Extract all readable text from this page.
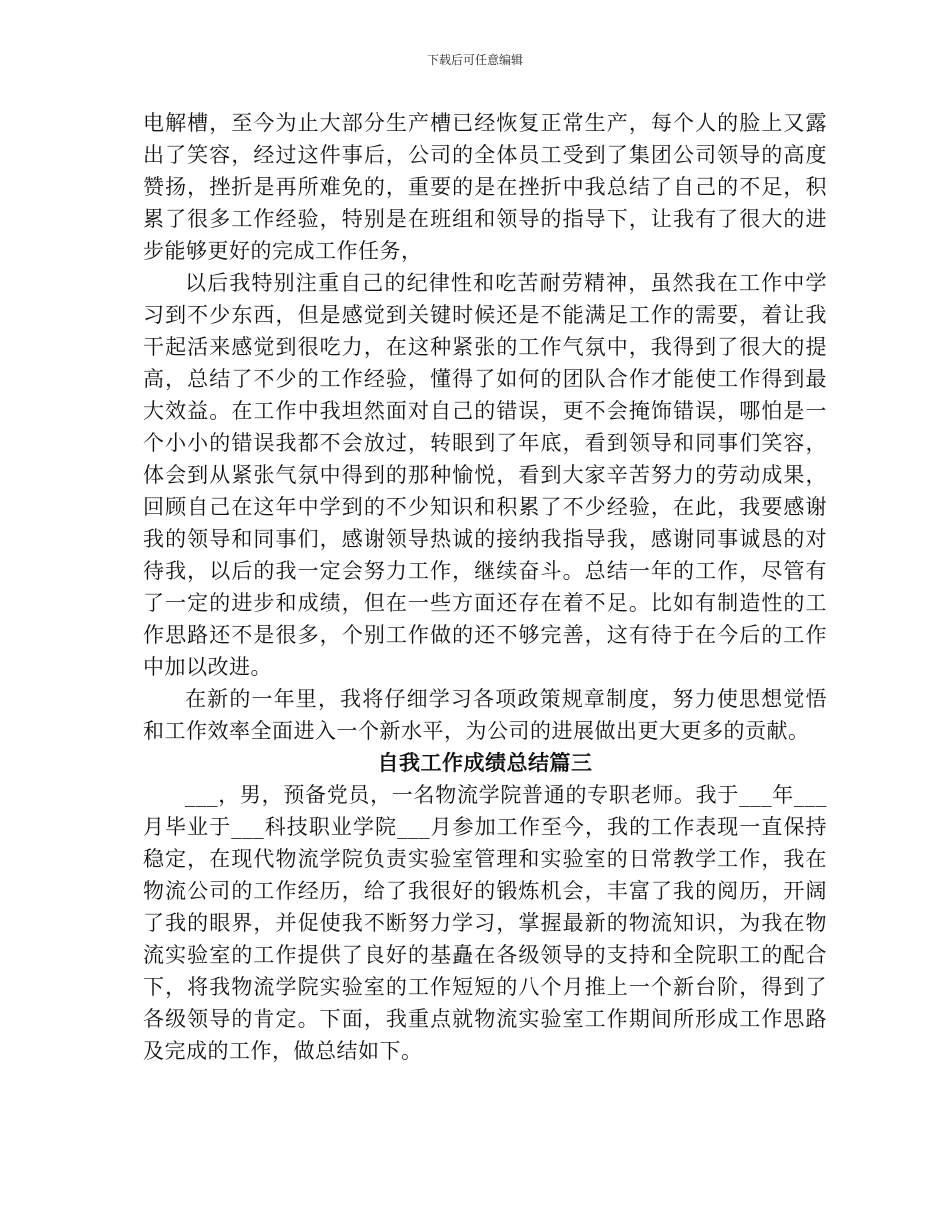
下载后可任意编辑

电解槽，至今为止大部分生产槽已经恢复正常生产，每个人的脸上又露出了笑容，经过这件事后，公司的全体员工受到了集团公司领导的高度赞扬，挫折是再所难免的，重要的是在挫折中我总结了自己的不足，积累了很多工作经验，特别是在班组和领导的指导下，让我有了很大的进步能够更好的完成工作任务，

以后我特别注重自己的纪律性和吃苦耐劳精神，虽然我在工作中学习到不少东西，但是感觉到关键时候还是不能满足工作的需要，着让我干起活来感觉到很吃力，在这种紧张的工作气氛中，我得到了很大的提高，总结了不少的工作经验，懂得了如何的团队合作才能使工作得到最大效益。在工作中我坦然面对自己的错误，更不会掩饰错误，哪怕是一个小小的错误我都不会放过，转眼到了年底，看到领导和同事们笑容，体会到从紧张气氛中得到的那种愉悦，看到大家辛苦努力的劳动成果，回顾自己在这年中学到的不少知识和积累了不少经验，在此，我要感谢我的领导和同事们，感谢领导热诚的接纳我指导我，感谢同事诚恳的对待我，以后的我一定会努力工作，继续奋斗。总结一年的工作，尽管有了一定的进步和成绩，但在一些方面还存在着不足。比如有制造性的工作思路还不是很多，个别工作做的还不够完善，这有待于在今后的工作中加以改进。

在新的一年里，我将仔细学习各项政策规章制度，努力使思想觉悟和工作效率全面进入一个新水平，为公司的进展做出更大更多的贡献。

自我工作成绩总结篇三

___，男，预备党员，一名物流学院普通的专职老师。我于___年___月毕业于___科技职业学院___月参加工作至今，我的工作表现一直保持稳定，在现代物流学院负责实验室管理和实验室的日常教学工作，我在物流公司的工作经历，给了我很好的锻炼机会，丰富了我的阅历，开阔了我的眼界，并促使我不断努力学习，掌握最新的物流知识，为我在物流实验室的工作提供了良好的基矗在各级领导的支持和全院职工的配合下，将我物流学院实验室的工作短短的八个月推上一个新台阶，得到了各级领导的肯定。下面，我重点就物流实验室工作期间所形成工作思路及完成的工作，做总结如下。
